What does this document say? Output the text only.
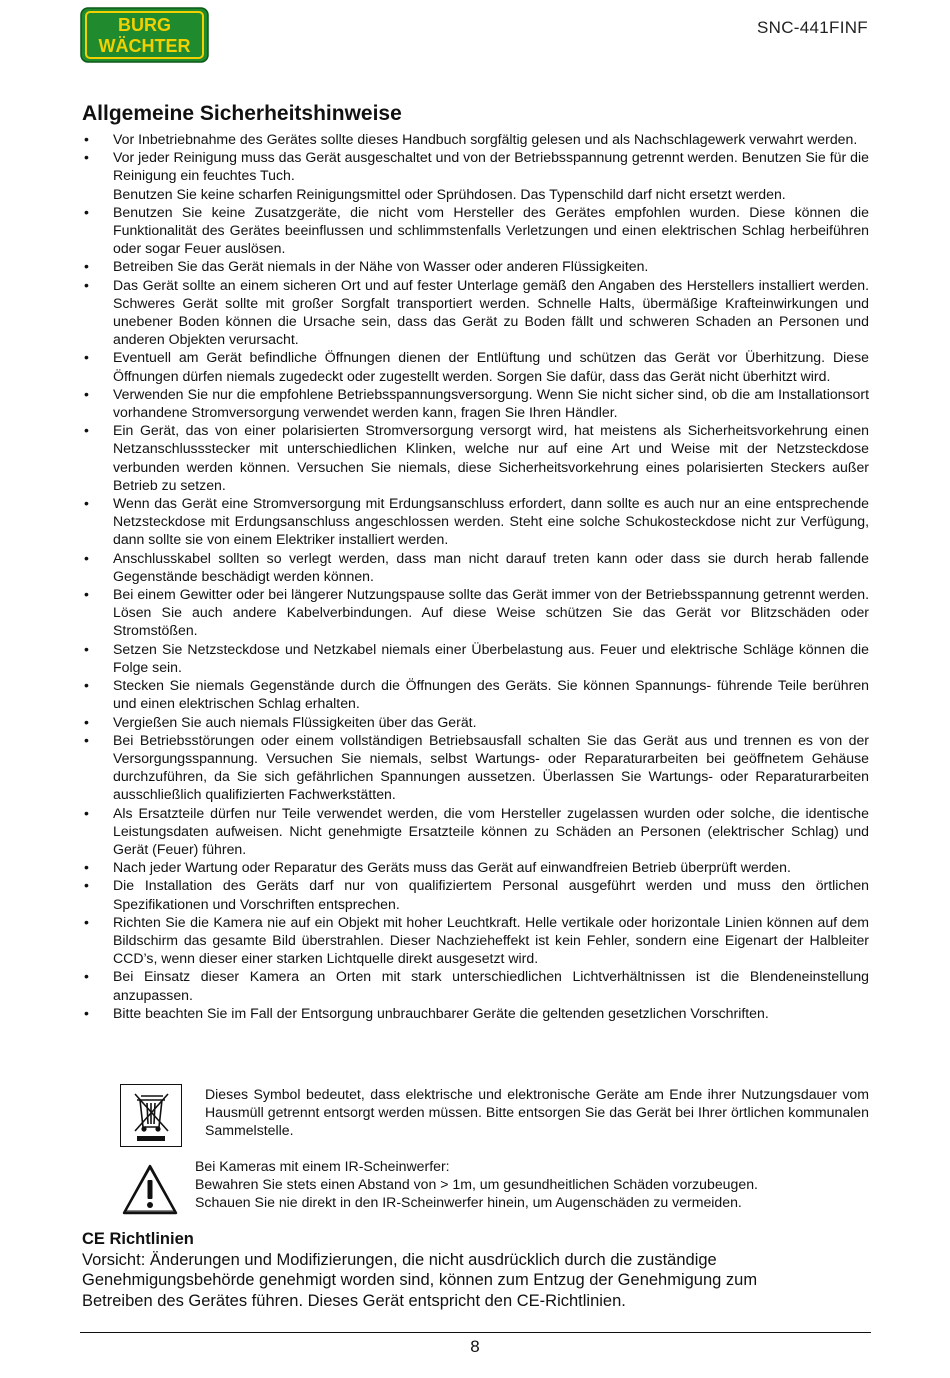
BURG
WÄCHTER
SNC-441FINF
Allgemeine Sicherheitshinweise
• Vor Inbetriebnahme des Gerätes sollte dieses Handbuch sorgfältig gelesen und als Nachschlagewerk verwahrt werden.
• Vor jeder Reinigung muss das Gerät ausgeschaltet und von der Betriebsspannung getrennt werden. Benutzen Sie für die Reinigung ein feuchtes Tuch.
Benutzen Sie keine scharfen Reinigungsmittel oder Sprühdosen. Das Typenschild darf nicht ersetzt werden.
• Benutzen Sie keine Zusatzgeräte, die nicht vom Hersteller des Gerätes empfohlen wurden. Diese können die Funktionalität des Gerätes beeinflussen und schlimmstenfalls Verletzungen und einen elektrischen Schlag herbeiführen oder sogar Feuer auslösen.
• Betreiben Sie das Gerät niemals in der Nähe von Wasser oder anderen Flüssigkeiten.
• Das Gerät sollte an einem sicheren Ort und auf fester Unterlage gemäß den Angaben des Herstellers installiert werden. Schweres Gerät sollte mit großer Sorgfalt transportiert werden. Schnelle Halts, übermäßige Krafteinwirkungen und unebener Boden können die Ursache sein, dass das Gerät zu Boden fällt und schweren Schaden an Personen und anderen Objekten verursacht.
• Eventuell am Gerät befindliche Öffnungen dienen der Entlüftung und schützen das Gerät vor Überhitzung. Diese Öffnungen dürfen niemals zugedeckt oder zugestellt werden. Sorgen Sie dafür, dass das Gerät nicht überhitzt wird.
• Verwenden Sie nur die empfohlene Betriebsspannungsversorgung. Wenn Sie nicht sicher sind, ob die am Installationsort vorhandene Stromversorgung verwendet werden kann, fragen Sie Ihren Händler.
• Ein Gerät, das von einer polarisierten Stromversorgung versorgt wird, hat meistens als Sicherheitsvorkehrung einen Netzanschlussstecker mit unterschiedlichen Klinken, welche nur auf eine Art und Weise mit der Netzsteckdose verbunden werden können. Versuchen Sie niemals, diese Sicherheitsvorkehrung eines polarisierten Steckers außer Betrieb zu setzen.
• Wenn das Gerät eine Stromversorgung mit Erdungsanschluss erfordert, dann sollte es auch nur an eine entsprechende Netzsteckdose mit Erdungsanschluss angeschlossen werden. Steht eine solche Schukosteckdose nicht zur Verfügung, dann sollte sie von einem Elektriker installiert werden.
• Anschlusskabel sollten so verlegt werden, dass man nicht darauf treten kann oder dass sie durch herab fallende Gegenstände beschädigt werden können.
• Bei einem Gewitter oder bei längerer Nutzungspause sollte das Gerät immer von der Betriebsspannung getrennt werden. Lösen Sie auch andere Kabelverbindungen. Auf diese Weise schützen Sie das Gerät vor Blitzschäden oder Stromstößen.
• Setzen Sie Netzsteckdose und Netzkabel niemals einer Überbelastung aus. Feuer und elektrische Schläge können die Folge sein.
• Stecken Sie niemals Gegenstände durch die Öffnungen des Geräts. Sie können Spannungs- führende Teile berühren und einen elektrischen Schlag erhalten.
• Vergießen Sie auch niemals Flüssigkeiten über das Gerät.
• Bei Betriebsstörungen oder einem vollständigen Betriebsausfall schalten Sie das Gerät aus und trennen es von der Versorgungsspannung. Versuchen Sie niemals, selbst Wartungs- oder Reparaturarbeiten bei geöffnetem Gehäuse durchzuführen, da Sie sich gefährlichen Spannungen aussetzen. Überlassen Sie Wartungs- oder Reparaturarbeiten ausschließlich qualifizierten Fachwerkstätten.
• Als Ersatzteile dürfen nur Teile verwendet werden, die vom Hersteller zugelassen wurden oder solche, die identische Leistungsdaten aufweisen. Nicht genehmigte Ersatzteile können zu Schäden an Personen (elektrischer Schlag) und Gerät (Feuer) führen.
• Nach jeder Wartung oder Reparatur des Geräts muss das Gerät auf einwandfreien Betrieb überprüft werden.
• Die Installation des Geräts darf nur von qualifiziertem Personal ausgeführt werden und muss den örtlichen Spezifikationen und Vorschriften entsprechen.
• Richten Sie die Kamera nie auf ein Objekt mit hoher Leuchtkraft. Helle vertikale oder horizontale Linien können auf dem Bildschirm das gesamte Bild überstrahlen. Dieser Nachzieheffekt ist kein Fehler, sondern eine Eigenart der Halbleiter CCD’s, wenn dieser einer starken Lichtquelle direkt ausgesetzt wird.
• Bei Einsatz dieser Kamera an Orten mit stark unterschiedlichen Lichtverhältnissen ist die Blendeneinstellung anzupassen.
• Bitte beachten Sie im Fall der Entsorgung unbrauchbarer Geräte die geltenden gesetzlichen Vorschriften.

Dieses Symbol bedeutet, dass elektrische und elektronische Geräte am Ende ihrer Nutzungsdauer vom Hausmüll getrennt entsorgt werden müssen. Bitte entsorgen Sie das Gerät bei Ihrer örtlichen kommunalen Sammelstelle.

Bei Kameras mit einem IR-Scheinwerfer:
Bewahren Sie stets einen Abstand von > 1m, um gesundheitlichen Schäden vorzubeugen.
Schauen Sie nie direkt in den IR-Scheinwerfer hinein, um Augenschäden zu vermeiden.

CE Richtlinien

Vorsicht: Änderungen und Modifizierungen, die nicht ausdrücklich durch die zuständige Genehmigungsbehörde genehmigt worden sind, können zum Entzug der Genehmigung zum Betreiben des Gerätes führen. Dieses Gerät entspricht den CE-Richtlinien.

8
